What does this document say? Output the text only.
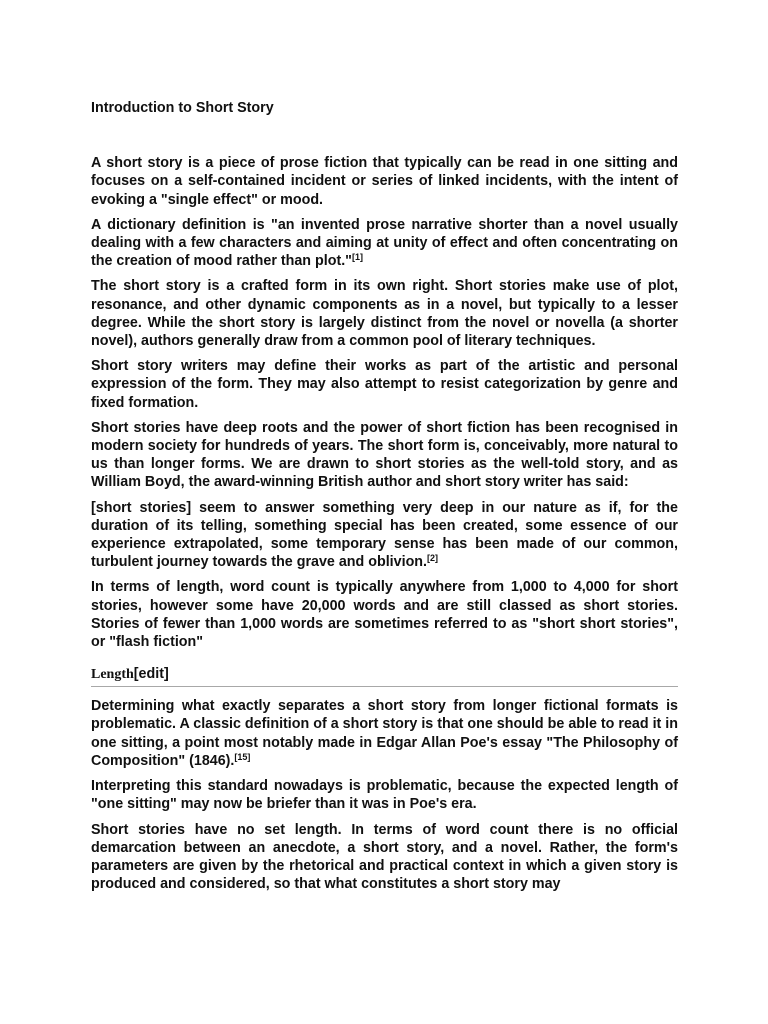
Introduction to Short Story

A short story is a piece of prose fiction that typically can be read in one sitting and focuses on a self-contained incident or series of linked incidents, with the intent of evoking a "single effect" or mood.

A dictionary definition is "an invented prose narrative shorter than a novel usually dealing with a few characters and aiming at unity of effect and often concentrating on the creation of mood rather than plot."[1]

The short story is a crafted form in its own right. Short stories make use of plot, resonance, and other dynamic components as in a novel, but typically to a lesser degree. While the short story is largely distinct from the novel or novella (a shorter novel), authors generally draw from a common pool of literary techniques.

Short story writers may define their works as part of the artistic and personal expression of the form. They may also attempt to resist categorization by genre and fixed formation.

Short stories have deep roots and the power of short fiction has been recognised in modern society for hundreds of years. The short form is, conceivably, more natural to us than longer forms. We are drawn to short stories as the well-told story, and as William Boyd, the award-winning British author and short story writer has said:

[short stories] seem to answer something very deep in our nature as if, for the duration of its telling, something special has been created, some essence of our experience extrapolated, some temporary sense has been made of our common, turbulent journey towards the grave and oblivion.[2]

In terms of length, word count is typically anywhere from 1,000 to 4,000 for short stories, however some have 20,000 words and are still classed as short stories. Stories of fewer than 1,000 words are sometimes referred to as "short short stories", or "flash fiction"

Length[edit]

Determining what exactly separates a short story from longer fictional formats is problematic. A classic definition of a short story is that one should be able to read it in one sitting, a point most notably made in Edgar Allan Poe's essay "The Philosophy of Composition" (1846).[15]

Interpreting this standard nowadays is problematic, because the expected length of "one sitting" may now be briefer than it was in Poe's era.

Short stories have no set length. In terms of word count there is no official demarcation between an anecdote, a short story, and a novel. Rather, the form's parameters are given by the rhetorical and practical context in which a given story is produced and considered, so that what constitutes a short story may
